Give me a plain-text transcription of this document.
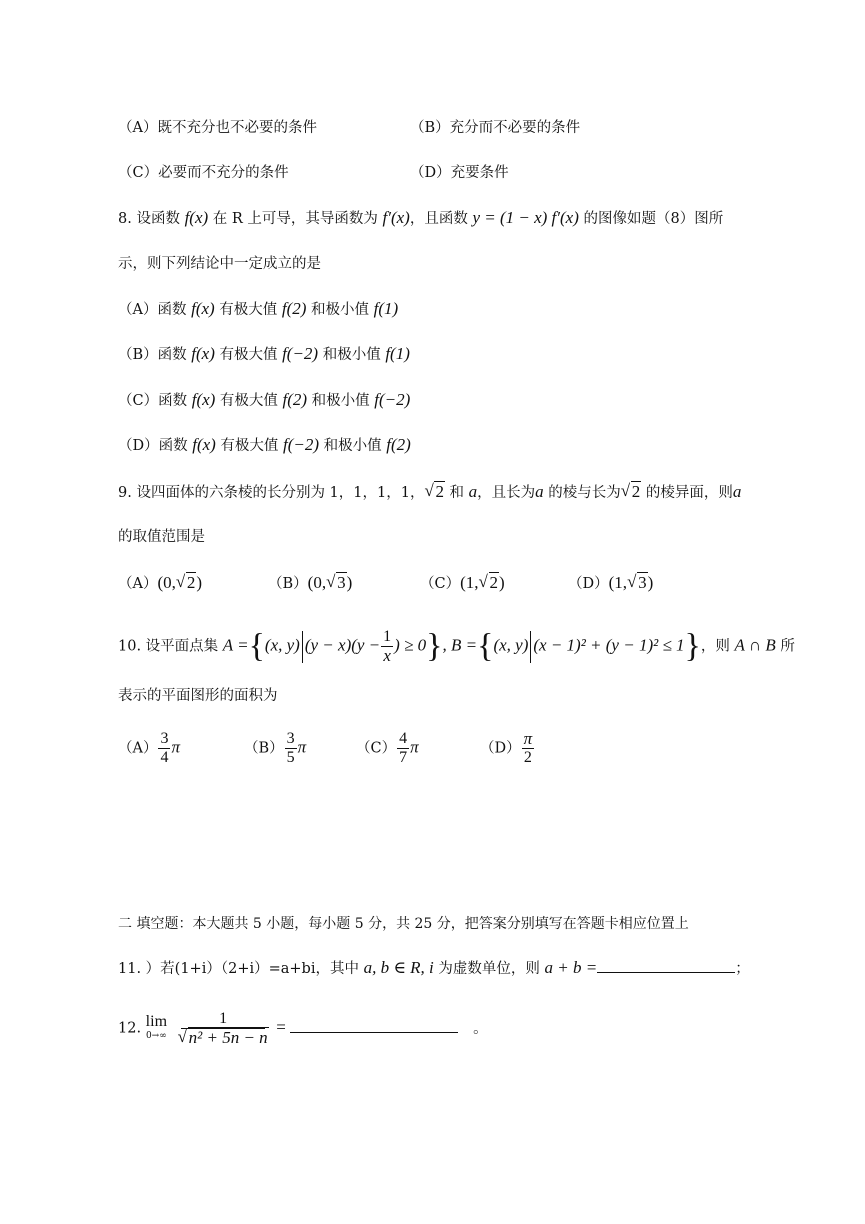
（A）既不充分也不必要的条件	（B）充分而不必要的条件
（C）必要而不充分的条件	（D）充要条件
8. 设函数 f(x) 在 R 上可导，其导函数为 f′(x)，且函数 y = (1 − x) f′(x) 的图像如题（8）图所
示，则下列结论中一定成立的是
（A）函数 f(x) 有极大值 f(2) 和极小值 f(1)
（B）函数 f(x) 有极大值 f(−2) 和极小值 f(1)
（C）函数 f(x) 有极大值 f(2) 和极小值 f(−2)
（D）函数 f(x) 有极大值 f(−2) 和极小值 f(2)
9. 设四面体的六条棱的长分别为 1，1，1，1， √ 2 和 a，且长为a 的棱与长为 √ 2 的棱异面，则a
的取值范围是
（A）(0, √ 2)	（B）(0, √ 3)	（C）(1, √ 2)	（D）(1, √ 3)
10. 设平面点集 A ={(x, y) $(y - x)(y - \frac{1}{x}$ ) ≥ 0}, B ={(x, y) (x − 1)² + (y − 1)² ≤ 1}，则 A ∩ B 所
表示的平面图形的面积为
$(A) \frac{3}{4}$ π	$(B) \frac{3}{5}$ π	$(C) \frac{4}{7}$ π	$(D) \frac{\pi}{2}$
二 填空题：本大题共 5 小题，每小题 5 分，共 25 分，把答案分别填写在答题卡相应位置上
11. ）若(1+i）（2+i）=a+bi，其中 a, b ∈ R, i 为虚数单位，则 a + b =	；
12. lim
0→∞
1
√ n² + 5n − n =	。
